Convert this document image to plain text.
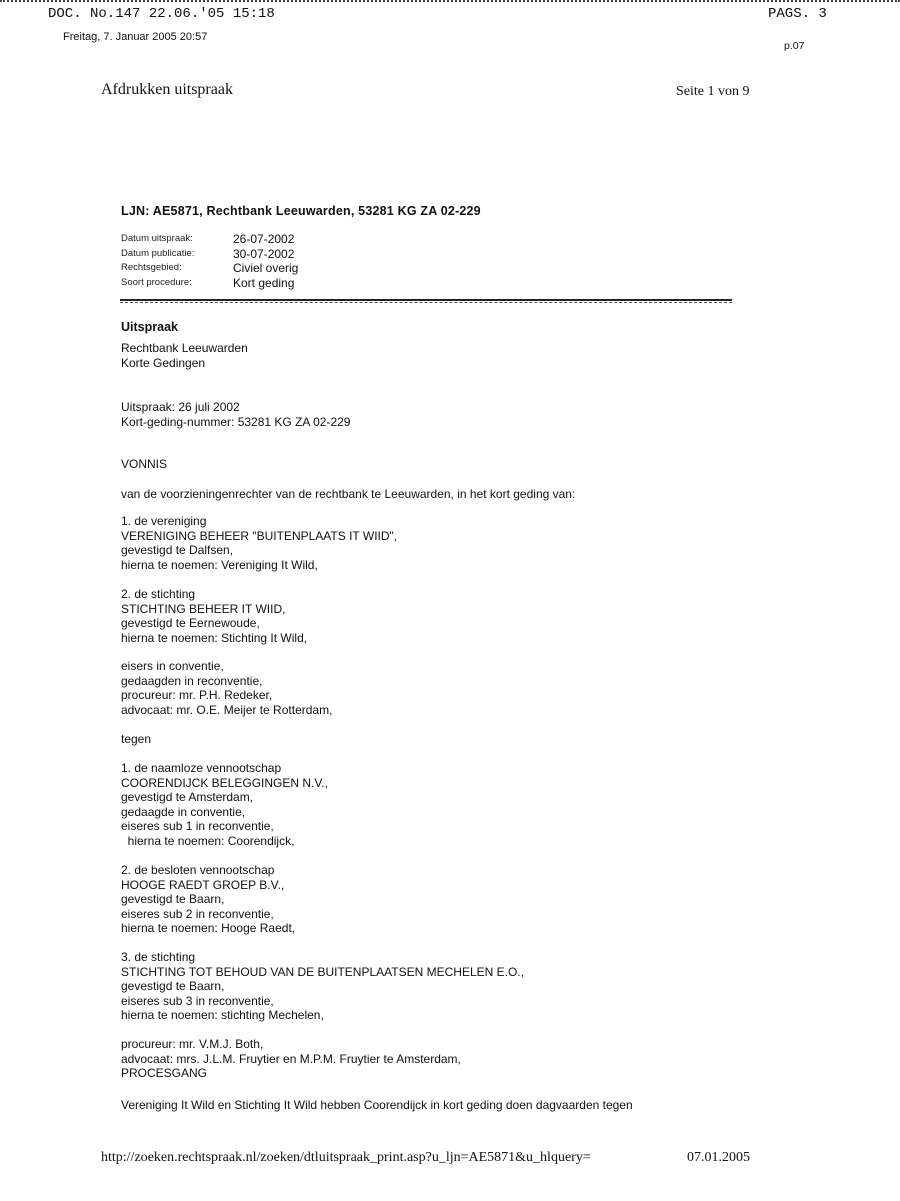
DOC. No.147 22.06.'05 15:18	PAGS. 3
Freitag, 7. Januar 2005 20:57
p.07
Afdrukken uitspraak	Seite 1 von 9
LJN: AE5871, Rechtbank Leeuwarden, 53281 KG ZA 02-229
Datum uitspraak:	26-07-2002
Datum publicatie:	30-07-2002
Rechtsgebied:	Civiel overig
Soort procedure:	Kort geding
Uitspraak
Rechtbank Leeuwarden
Korte Gedingen
Uitspraak: 26 juli 2002
Kort-geding-nummer: 53281 KG ZA 02-229
VONNIS
van de voorzieningenrechter van de rechtbank te Leeuwarden, in het kort geding van:
1. de vereniging
VERENIGING BEHEER "BUITENPLAATS IT WIID",
gevestigd te Dalfsen,
hierna te noemen: Vereniging It Wild,
2. de stichting
STICHTING BEHEER IT WIID,
gevestigd te Eernewoude,
hierna te noemen: Stichting It Wild,
eisers in conventie,
gedaagden in reconventie,
procureur: mr. P.H. Redeker,
advocaat: mr. O.E. Meijer te Rotterdam,
tegen
1. de naamloze vennootschap
COORENDIJCK BELEGGINGEN N.V.,
gevestigd te Amsterdam,
gedaagde in conventie,
eiseres sub 1 in reconventie,
hierna te noemen: Coorendijck,
2. de besloten vennootschap
HOOGE RAEDT GROEP B.V.,
gevestigd te Baarn,
eiseres sub 2 in reconventie,
hierna te noemen: Hooge Raedt,
3. de stichting
STICHTING TOT BEHOUD VAN DE BUITENPLAATSEN MECHELEN E.O.,
gevestigd te Baarn,
eiseres sub 3 in reconventie,
hierna te noemen: stichting Mechelen,
procureur: mr. V.M.J. Both,
advocaat: mrs. J.L.M. Fruytier en M.P.M. Fruytier te Amsterdam,
PROCESGANG
Vereniging It Wild en Stichting It Wild hebben Coorendijck in kort geding doen dagvaarden tegen
http://zoeken.rechtspraak.nl/zoeken/dtluitspraak_print.asp?u_ljn=AE5871&u_hlquery=	07.01.2005
